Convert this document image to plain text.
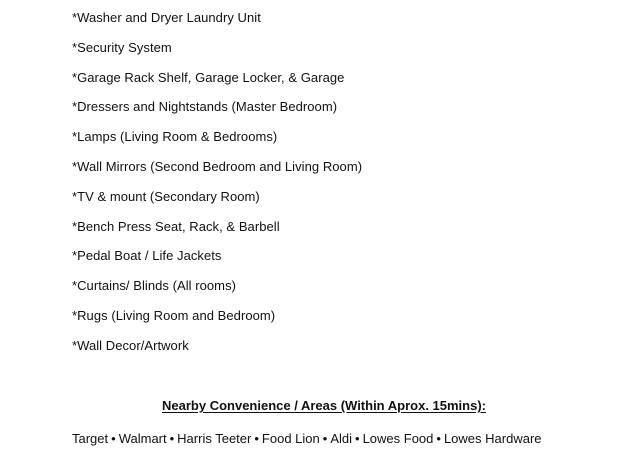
*Washer and Dryer Laundry Unit
*Security System
*Garage Rack Shelf, Garage Locker, & Garage
*Dressers and Nightstands (Master Bedroom)
*Lamps (Living Room & Bedrooms)
*Wall Mirrors (Second Bedroom and Living Room)
*TV & mount (Secondary Room)
*Bench Press Seat, Rack, & Barbell
*Pedal Boat / Life Jackets
*Curtains/ Blinds (All rooms)
*Rugs (Living Room and Bedroom)
*Wall Decor/Artwork

Nearby Convenience / Areas (Within Aprox. 15mins):

Target • Walmart • Harris Teeter • Food Lion • Aldi • Lowes Food • Lowes Hardware
